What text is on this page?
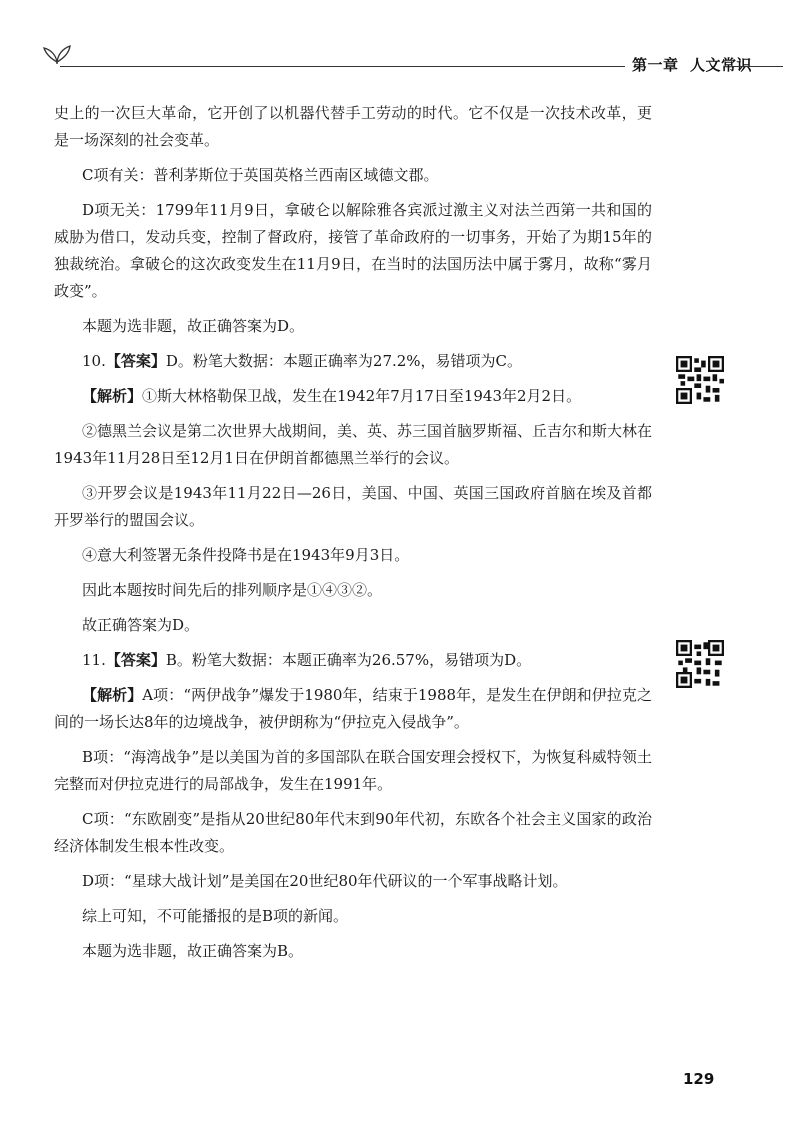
第一章 人文常识

史上的一次巨大革命，它开创了以机器代替手工劳动的时代。它不仅是一次技术改革，更是一场深刻的社会变革。

C项有关：普利茅斯位于英国英格兰西南区域德文郡。

D项无关：1799年11月9日，拿破仑以解除雅各宾派过激主义对法兰西第一共和国的威胁为借口，发动兵变，控制了督政府，接管了革命政府的一切事务，开始了为期15年的独裁统治。拿破仑的这次政变发生在11月9日，在当时的法国历法中属于雾月，故称“雾月政变”。

本题为选非题，故正确答案为D。

10.【答案】D。粉笔大数据：本题正确率为27.2%，易错项为C。

【解析】①斯大林格勒保卫战，发生在1942年7月17日至1943年2月2日。

②德黑兰会议是第二次世界大战期间，美、英、苏三国首脑罗斯福、丘吉尔和斯大林在1943年11月28日至12月1日在伊朗首都德黑兰举行的会议。

③开罗会议是1943年11月22日—26日，美国、中国、英国三国政府首脑在埃及首都开罗举行的盟国会议。

④意大利签署无条件投降书是在1943年9月3日。

因此本题按时间先后的排列顺序是①④③②。

故正确答案为D。

11.【答案】B。粉笔大数据：本题正确率为26.57%，易错项为D。

【解析】A项：“两伊战争”爆发于1980年，结束于1988年，是发生在伊朗和伊拉克之间的一场长达8年的边境战争，被伊朗称为“伊拉克入侵战争”。

B项：“海湾战争”是以美国为首的多国部队在联合国安理会授权下，为恢复科威特领土完整而对伊拉克进行的局部战争，发生在1991年。

C项：“东欧剧变”是指从20世纪80年代末到90年代初，东欧各个社会主义国家的政治经济体制发生根本性改变。

D项：“星球大战计划”是美国在20世纪80年代研议的一个军事战略计划。

综上可知，不可能播报的是B项的新闻。

本题为选非题，故正确答案为B。

129
